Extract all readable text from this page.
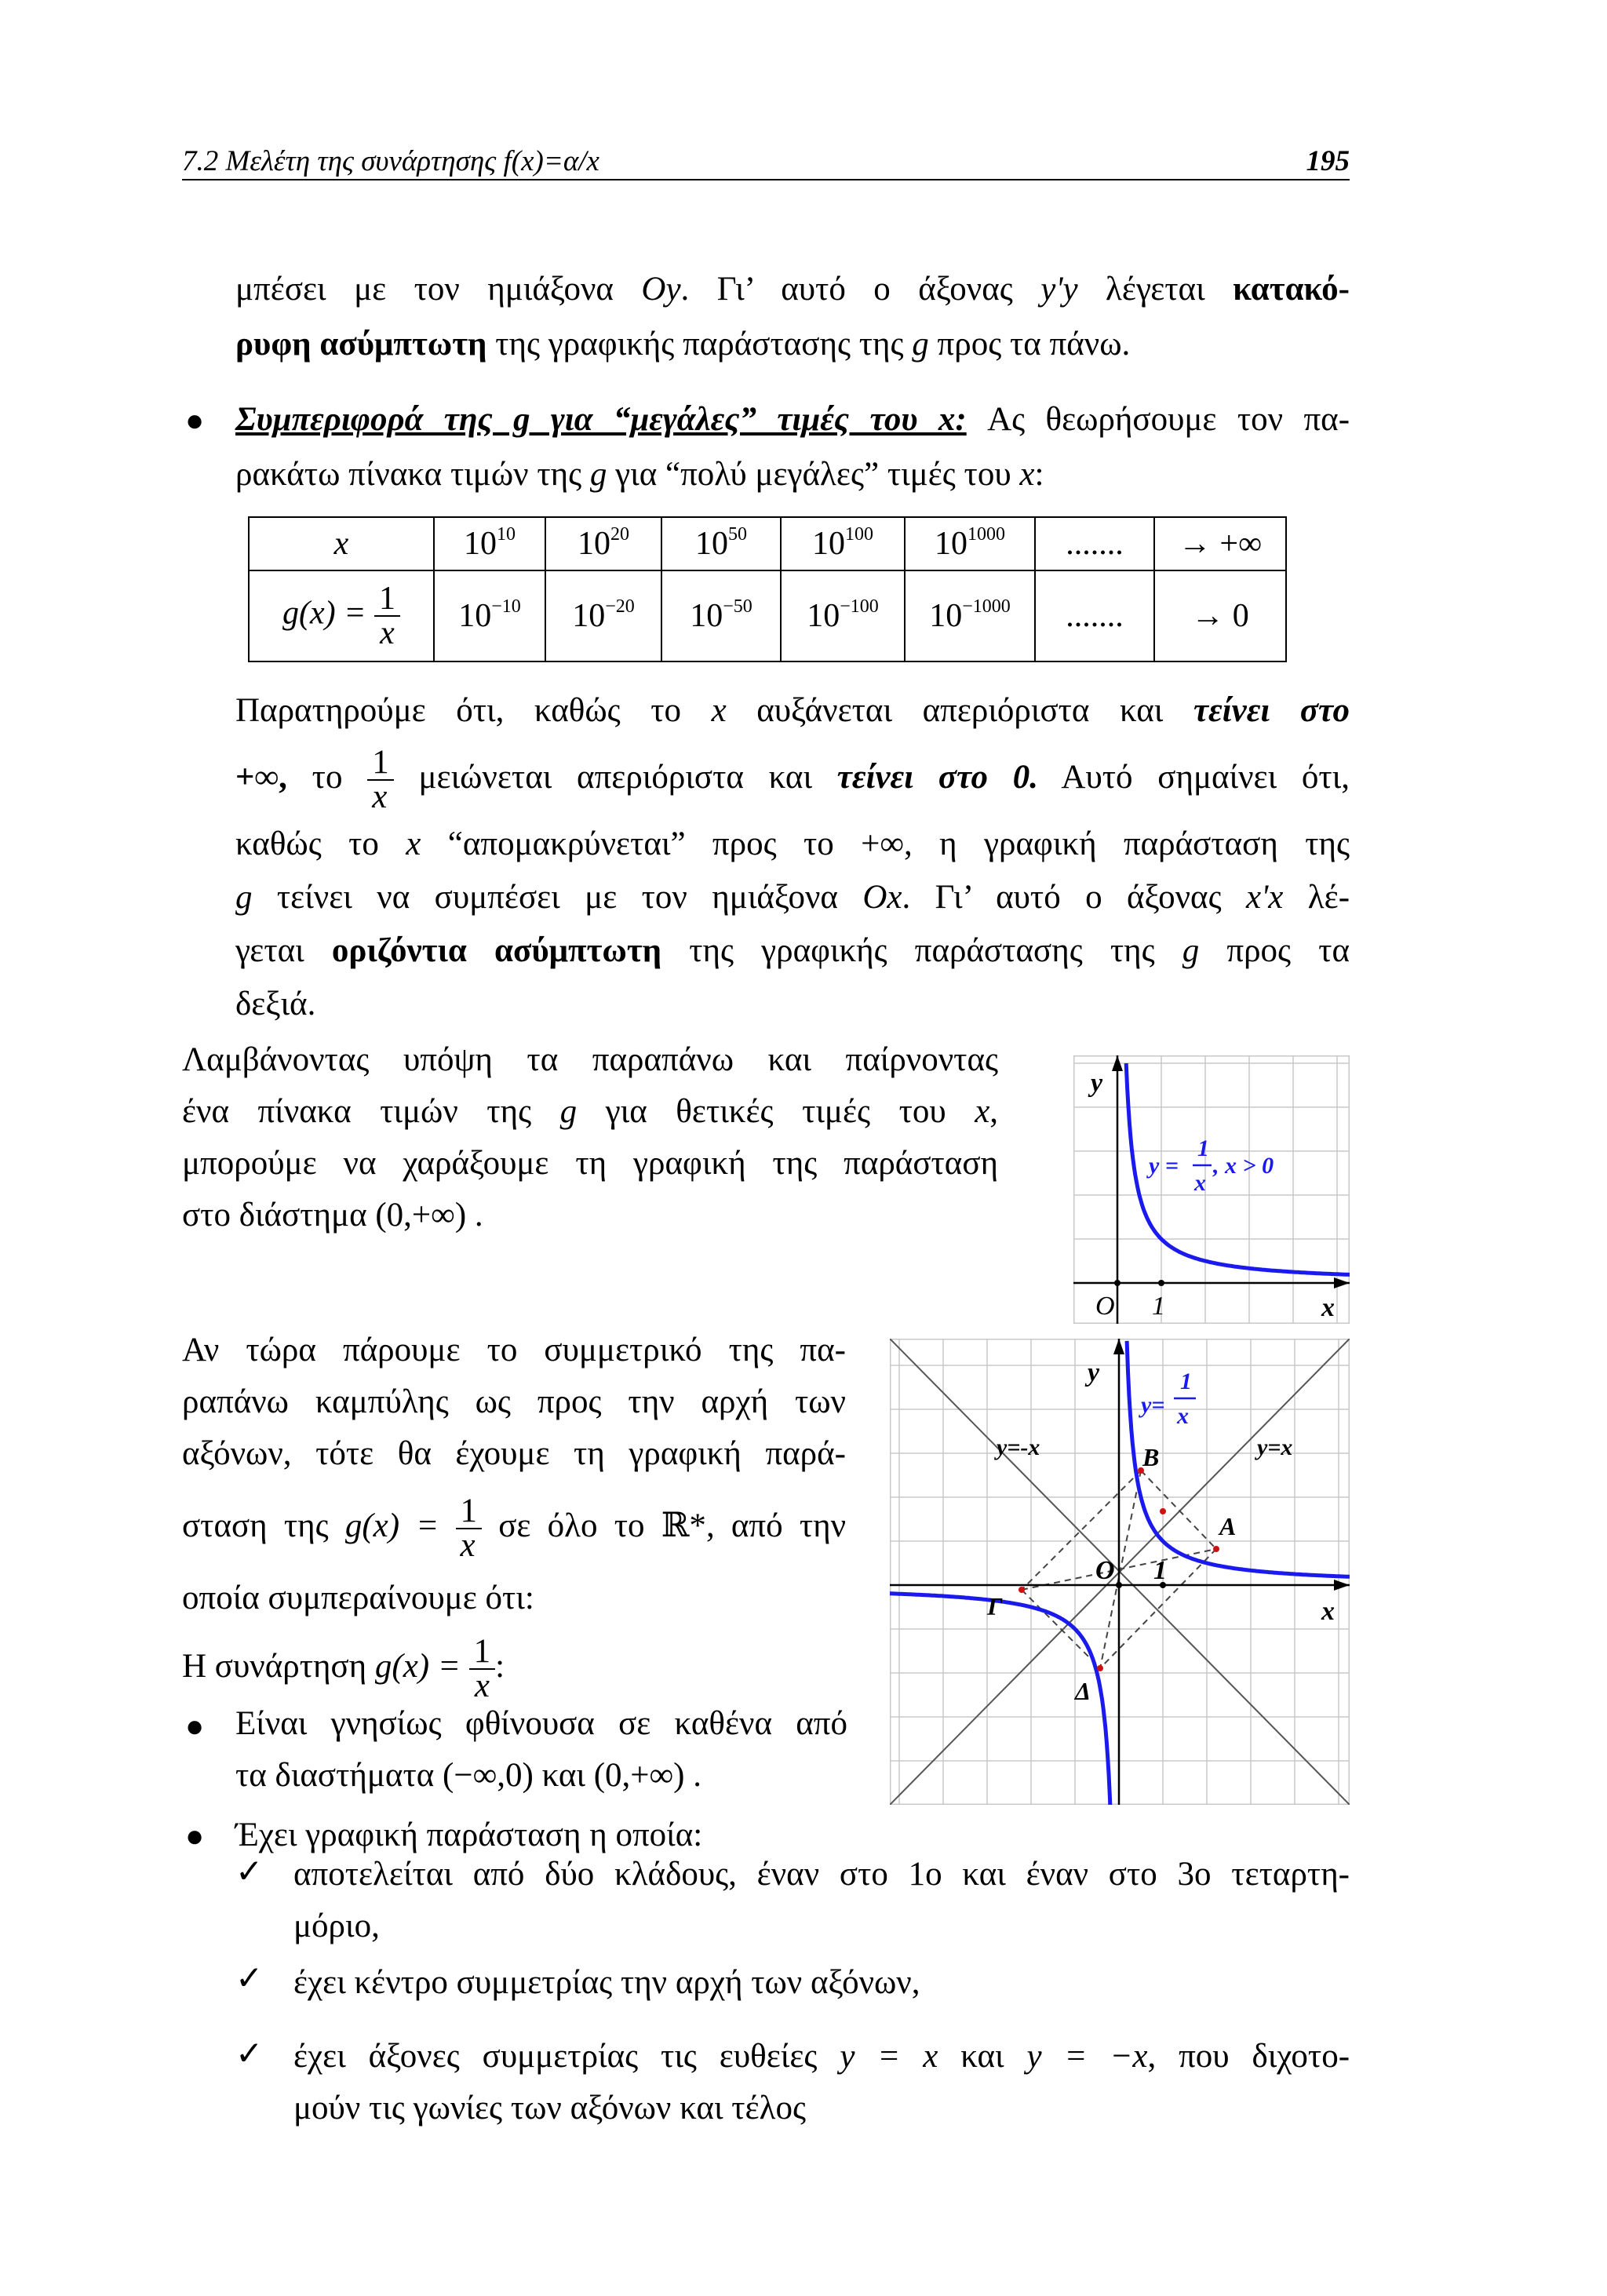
7.2 Μελέτη της συνάρτησης f(x)=α/x	195
μπέσει με τον ημιάξονα Oy. Γι’ αυτό ο άξονας y'y λέγεται κατακό-
ρυφη ασύμπτωτη της γραφικής παράστασης της g προς τα πάνω.
● Συμπεριφορά της g για “μεγάλες” τιμές του x: Ας θεωρήσουμε τον πα-
ρακάτω πίνακα τιμών της g για “πολύ μεγάλες” τιμές του x:
x	$10^{10}$	$10^{20}$	$10^{50}$	$10^{100}$	$10^{1000}$	.......	→ +∞
$g(x) = \frac{1}{x}$	$10^{-10}$	$10^{-20}$	$10^{-50}$	$10^{-100}$	$10^{-1000}$	.......	→ 0
Παρατηρούμε ότι, καθώς το x αυξάνεται απεριόριστα και τείνει στο
+∞, το $\frac{1}{x}$ μειώνεται απεριόριστα και τείνει στο 0. Αυτό σημαίνει ότι,
καθώς το x “απομακρύνεται” προς το +∞, η γραφική παράσταση της
g τείνει να συμπέσει με τον ημιάξονα Ox. Γι’ αυτό ο άξονας x'x λέ-
γεται οριζόντια ασύμπτωτη της γραφικής παράστασης της g προς τα
δεξιά.
Λαμβάνοντας υπόψη τα παραπάνω και παίρνοντας
ένα πίνακα τιμών της g για θετικές τιμές του x,
μπορούμε να χαράξουμε τη γραφική της παράσταση
στο διάστημα (0,+∞) .
y
x
O 1
y =
1
x
, x > 0
Αν τώρα πάρουμε το συμμετρικό της πα-
ραπάνω καμπύλης ως προς την αρχή των
αξόνων, τότε θα έχουμε τη γραφική παρά-
σταση της $g(x) = \frac{1}{x}$ σε όλο το ℝ*, από την
οποία συμπεραίνουμε ότι:
Η συνάρτηση $g(x) = \frac{1}{x}$ :
● Είναι γνησίως φθίνουσα σε καθένα από
τα διαστήματα (−∞,0) και (0,+∞) .
● Έχει γραφική παράσταση η οποία:
✓ αποτελείται από δύο κλάδους, έναν στο 1ο και έναν στο 3ο τεταρτη-
μόριο,
✓ έχει κέντρο συμμετρίας την αρχή των αξόνων,
✓ έχει άξονες συμμετρίας τις ευθείες y = x και y = −x, που διχοτο-
μούν τις γωνίες των αξόνων και τέλος
y
x
O 1
y=-x	y=x
A
B
Γ
Δ
y=
1
x
